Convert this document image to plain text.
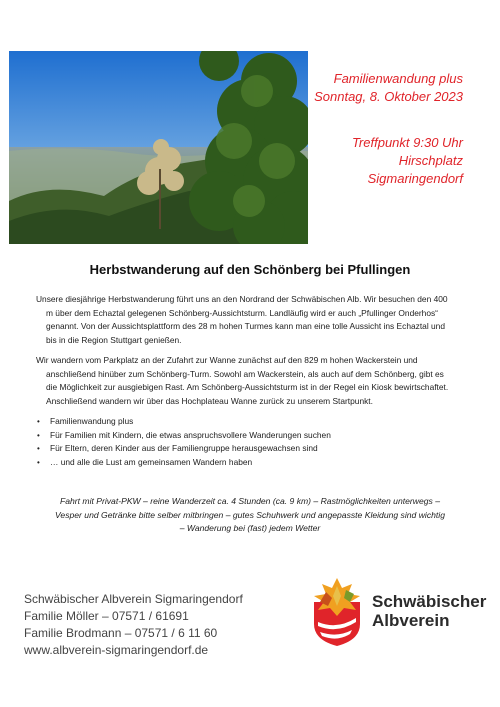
Familienwandung plus

Sonntag, 8. Oktober 2023

Treffpunkt 9:30 Uhr

Hirschplatz

Sigmaringendorf

Herbstwanderung auf den Schönberg bei Pfullingen

Unsere diesjährige Herbstwanderung führt uns an den Nordrand der Schwäbischen Alb. Wir besuchen den 400 m über dem Echaztal gelegenen Schönberg-Aussichtsturm. Landläufig wird er auch „Pfullinger Onderhos“ genannt. Von der Aussichtsplattform des 28 m hohen Turmes kann man eine tolle Aussicht ins Echaztal und bis in die Region Stuttgart genießen.

Wir wandern vom Parkplatz an der Zufahrt zur Wanne zunächst auf den 829 m hohen Wackerstein und anschließend hinüber zum Schönberg-Turm. Sowohl am Wackerstein, als auch auf dem Schönberg, gibt es die Möglichkeit zur ausgiebigen Rast. Am Schönberg-Aussichtsturm ist in der Regel ein Kiosk bewirtschaftet. Anschließend wandern wir über das Hochplateau Wanne zurück zu unserem Startpunkt.

• Familienwandung plus
• Für Familien mit Kindern, die etwas anspruchsvollere Wanderungen suchen
• Für Eltern, deren Kinder aus der Familiengruppe herausgewachsen sind
• … und alle die Lust am gemeinsamen Wandern haben

Fahrt mit Privat-PKW – reine Wanderzeit ca. 4 Stunden (ca. 9 km) – Rastmöglichkeiten unterwegs –

Vesper und Getränke bitte selber mitbringen – gutes Schuhwerk und angepasste Kleidung sind wichtig

– Wanderung bei (fast) jedem Wetter

Schwäbischer Albverein Sigmaringendorf
Familie Möller – 07571 / 61691
Familie Brodmann – 07571 / 6 11 60
www.albverein-sigmaringendorf.de
Schwäbischer
Albverein
